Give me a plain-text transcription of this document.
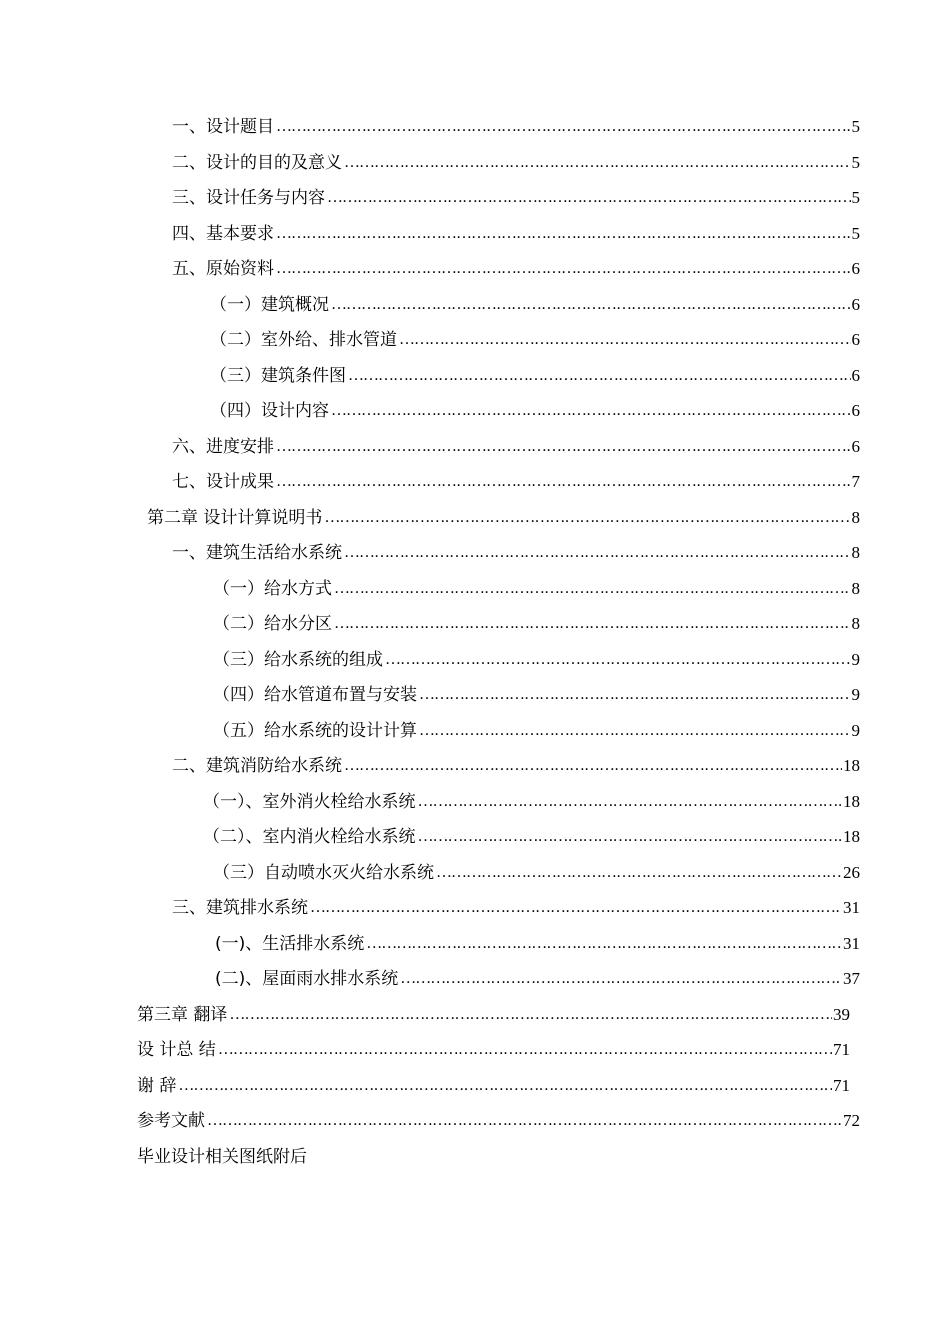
一、设计题目 …………………………………………………………………………………………………………………………………………………………………………………………………………	5
二、设计的目的及意义 …………………………………………………………………………………………………………………………………………………………………………………………………………	5
三、设计任务与内容 …………………………………………………………………………………………………………………………………………………………………………………………………………	5
四、基本要求 …………………………………………………………………………………………………………………………………………………………………………………………………………	5
五、原始资料 …………………………………………………………………………………………………………………………………………………………………………………………………………	6
（一）建筑概况 …………………………………………………………………………………………………………………………………………………………………………………………………………	6
（二）室外给、排水管道 …………………………………………………………………………………………………………………………………………………………………………………………………………	6
（三）建筑条件图 …………………………………………………………………………………………………………………………………………………………………………………………………………	6
（四）设计内容 …………………………………………………………………………………………………………………………………………………………………………………………………………	6
六、进度安排 …………………………………………………………………………………………………………………………………………………………………………………………………………	6
七、设计成果 …………………………………………………………………………………………………………………………………………………………………………………………………………	7
第二章 设计计算说明书 …………………………………………………………………………………………………………………………………………………………………………………………………………	8
一、建筑生活给水系统 …………………………………………………………………………………………………………………………………………………………………………………………………………	8
（一）给水方式 …………………………………………………………………………………………………………………………………………………………………………………………………………	8
（二）给水分区 …………………………………………………………………………………………………………………………………………………………………………………………………………	8
（三）给水系统的组成 …………………………………………………………………………………………………………………………………………………………………………………………………………	9
（四）给水管道布置与安装 …………………………………………………………………………………………………………………………………………………………………………………………………………	9
（五）给水系统的设计计算 …………………………………………………………………………………………………………………………………………………………………………………………………………	9
二、建筑消防给水系统 …………………………………………………………………………………………………………………………………………………………………………………………………………	18
（一）、室外消火栓给水系统 …………………………………………………………………………………………………………………………………………………………………………………………………………	18
（二）、室内消火栓给水系统 …………………………………………………………………………………………………………………………………………………………………………………………………………	18
（三）自动喷水灭火给水系统 …………………………………………………………………………………………………………………………………………………………………………………………………………	26
三、建筑排水系统 …………………………………………………………………………………………………………………………………………………………………………………………………………	31
(一)、生活排水系统 …………………………………………………………………………………………………………………………………………………………………………………………………………	31
(二)、屋面雨水排水系统 …………………………………………………………………………………………………………………………………………………………………………………………………………	37
第三章 翻译 …………………………………………………………………………………………………………………………………………………………………………………………………………	39
设 计总 结 …………………………………………………………………………………………………………………………………………………………………………………………………………	71
谢 辞 …………………………………………………………………………………………………………………………………………………………………………………………………………	71
参考文献 …………………………………………………………………………………………………………………………………………………………………………………………………………	72
毕业设计相关图纸附后
